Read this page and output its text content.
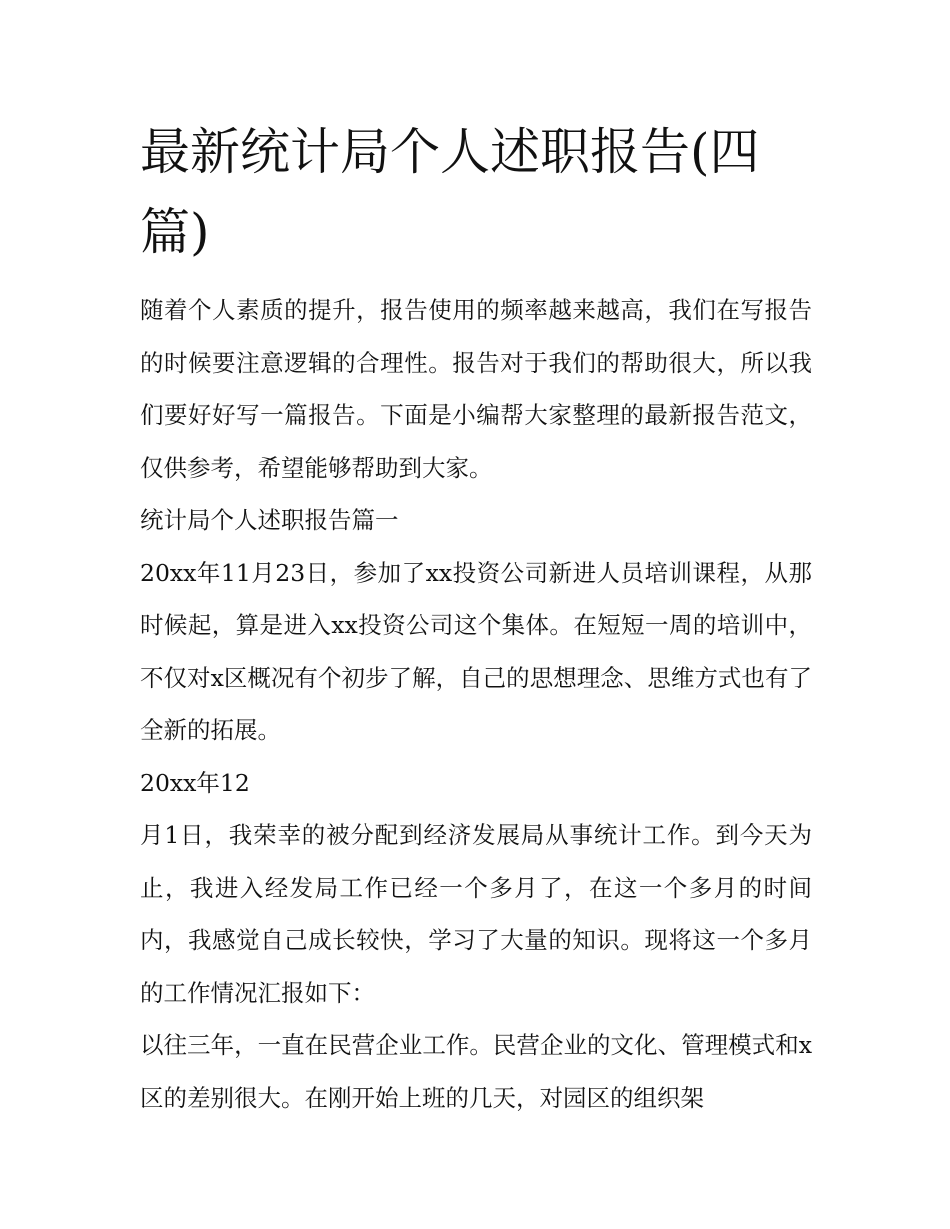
最新统计局个人述职报告(四篇)

随着个人素质的提升，报告使用的频率越来越高，我们在写报告的时候要注意逻辑的合理性。报告对于我们的帮助很大，所以我们要好好写一篇报告。下面是小编帮大家整理的最新报告范文，仅供参考，希望能够帮助到大家。

统计局个人述职报告篇一

20xx年11月23日，参加了xx投资公司新进人员培训课程，从那时候起，算是进入xx投资公司这个集体。在短短一周的培训中，不仅对x区概况有个初步了解，自己的思想理念、思维方式也有了全新的拓展。

20xx年12

月1日，我荣幸的被分配到经济发展局从事统计工作。到今天为止，我进入经发局工作已经一个多月了，在这一个多月的时间内，我感觉自己成长较快，学习了大量的知识。现将这一个多月的工作情况汇报如下：

以往三年，一直在民营企业工作。民营企业的文化、管理模式和x区的差别很大。在刚开始上班的几天，对园区的组织架
